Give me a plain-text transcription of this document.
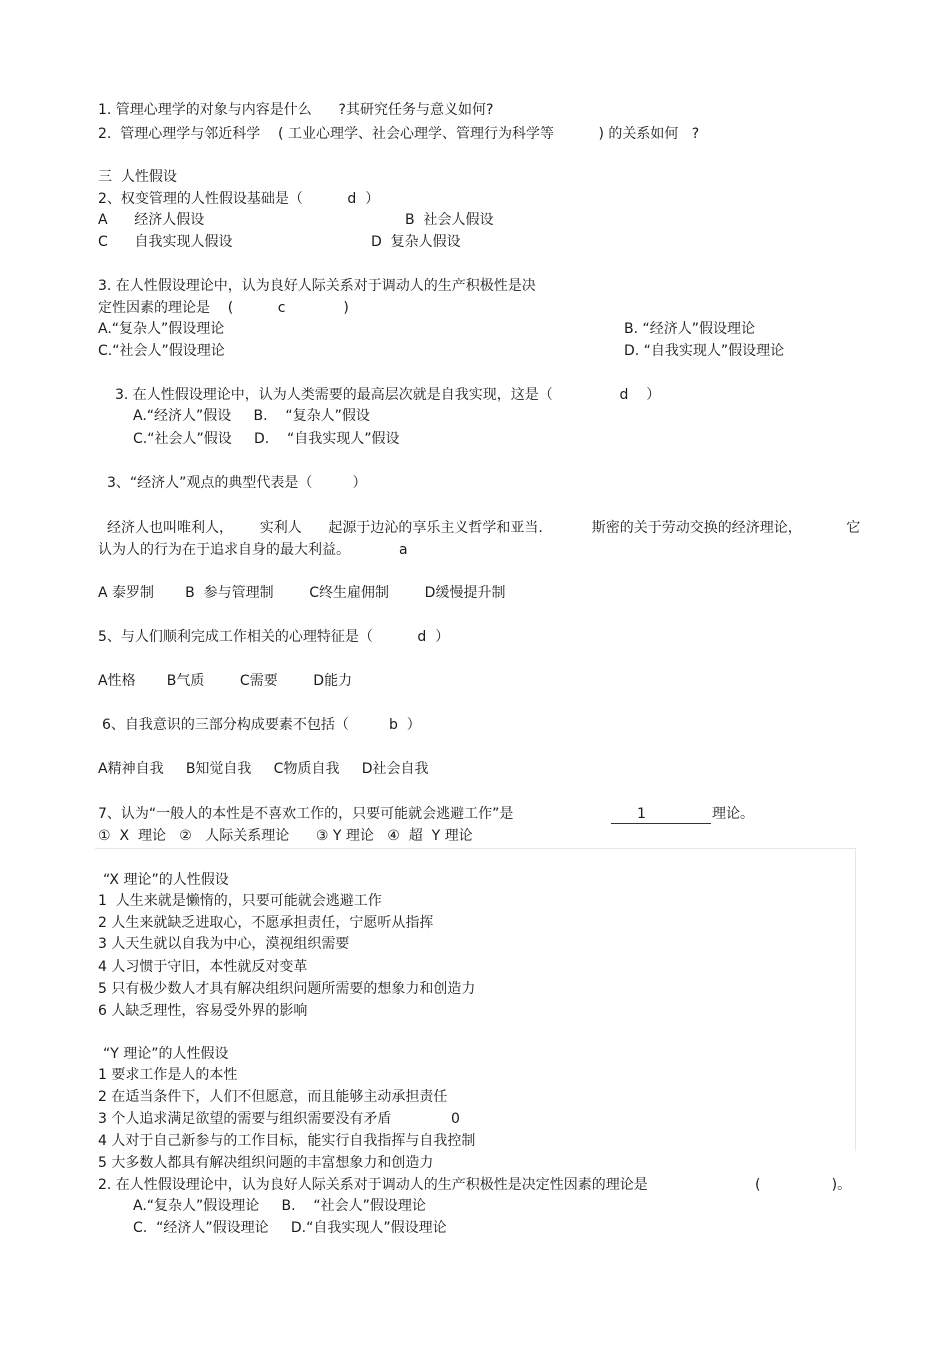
1. 管理心理学的对象与内容是什么      ?其研究任务与意义如何?
2.  管理心理学与邻近科学    ( 工业心理学、社会心理学、管理行为科学等          ) 的关系如何   ?
三  人性假设
2、权变管理的人性假设基础是（          d  ）
A      经济人假设	B  社会人假设
C      自我实现人假设	D  复杂人假设
3. 在人性假设理论中，认为良好人际关系对于调动人的生产积极性是决
定性因素的理论是    (          c             )
A.“复杂人”假设理论	B. “经济人”假设理论
C.“社会人”假设理论	D. “自我实现人”假设理论
3. 在人性假设理论中，认为人类需要的最高层次就是自我实现，这是（               d    ）
A.“经济人”假设     B.    “复杂人”假设
C.“社会人”假设     D.    “自我实现人”假设
3、“经济人”观点的典型代表是（         ）
经济人也叫唯利人，      实利人      起源于边沁的享乐主义哲学和亚当.           斯密的关于劳动交换的经济理论，          它
认为人的行为在于追求自身的最大利益。           a
A 泰罗制       B  参与管理制        C终生雇佣制        D缓慢提升制
5、与人们顺利完成工作相关的心理特征是（          d  ）
A性格       B气质        C需要        D能力
6、自我意识的三部分构成要素不包括（         b  ）
A精神自我     B知觉自我     C物质自我     D社会自我
7、认为“一般人的本性是不喜欢工作的，只要可能就会逃避工作”是	1	理论。
①  X  理论   ②   人际关系理论      ③ Y 理论   ④  超  Y 理论
“X 理论”的人性假设
1  人生来就是懒惰的，只要可能就会逃避工作
2 人生来就缺乏进取心，不愿承担责任，宁愿听从指挥
3 人天生就以自我为中心，漠视组织需要
4 人习惯于守旧，本性就反对变革
5 只有极少数人才具有解决组织问题所需要的想象力和创造力
6 人缺乏理性，容易受外界的影响
“Y 理论”的人性假设
1 要求工作是人的本性
2 在适当条件下，人们不但愿意，而且能够主动承担责任
3 个人追求满足欲望的需要与组织需要没有矛盾	0
4 人对于自己新参与的工作目标，能实行自我指挥与自我控制
5 大多数人都具有解决组织问题的丰富想象力和创造力
2. 在人性假设理论中，认为良好人际关系对于调动人的生产积极性是决定性因素的理论是	(                )。
A.“复杂人”假设理论     B.    “社会人”假设理论
C.  “经济人”假设理论     D.“自我实现人”假设理论
